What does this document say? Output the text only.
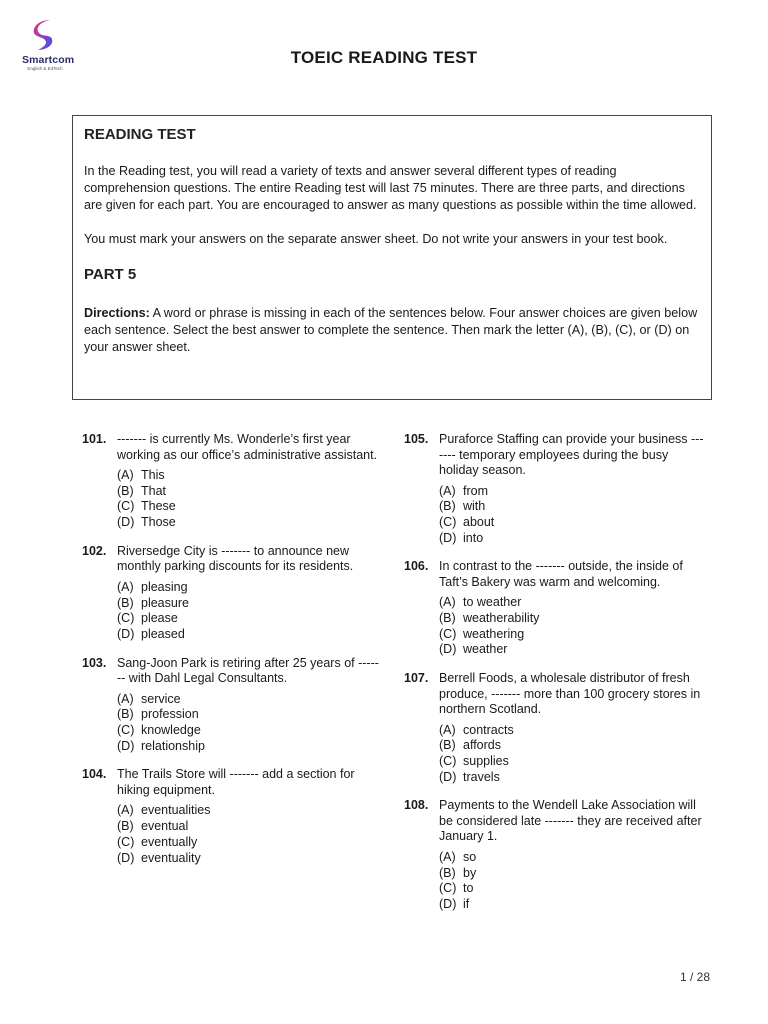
Smartcom
English & EdTech
TOEIC READING TEST
READING TEST

In the Reading test, you will read a variety of texts and answer several different types of reading comprehension questions. The entire Reading test will last 75 minutes. There are three parts, and directions are given for each part. You are encouraged to answer as many questions as possible within the time allowed.

You must mark your answers on the separate answer sheet. Do not write your answers in your test book.

PART 5

Directions: A word or phrase is missing in each of the sentences below. Four answer choices are given below each sentence. Select the best answer to complete the sentence. Then mark the letter (A), (B), (C), or (D) on your answer sheet.

101. ------- is currently Ms. Wonderle’s first year working as our office’s administrative assistant.
(A) This
(B) That
(C) These
(D) Those
102. Riversedge City is ------- to announce new monthly parking discounts for its residents.
(A) pleasing
(B) pleasure
(C) please
(D) pleased
103. Sang-Joon Park is retiring after 25 years of ------- with Dahl Legal Consultants.
(A) service
(B) profession
(C) knowledge
(D) relationship
104. The Trails Store will ------- add a section for hiking equipment.
(A) eventualities
(B) eventual
(C) eventually
(D) eventuality
105. Puraforce Staffing can provide your business ------- temporary employees during the busy holiday season.
(A) from
(B) with
(C) about
(D) into
106. In contrast to the ------- outside, the inside of Taft’s Bakery was warm and welcoming.
(A) to weather
(B) weatherability
(C) weathering
(D) weather
107. Berrell Foods, a wholesale distributor of fresh produce, ------- more than 100 grocery stores in northern Scotland.
(A) contracts
(B) affords
(C) supplies
(D) travels
108. Payments to the Wendell Lake Association will be considered late ------- they are received after January 1.
(A) so
(B) by
(C) to
(D) if
1 / 28
